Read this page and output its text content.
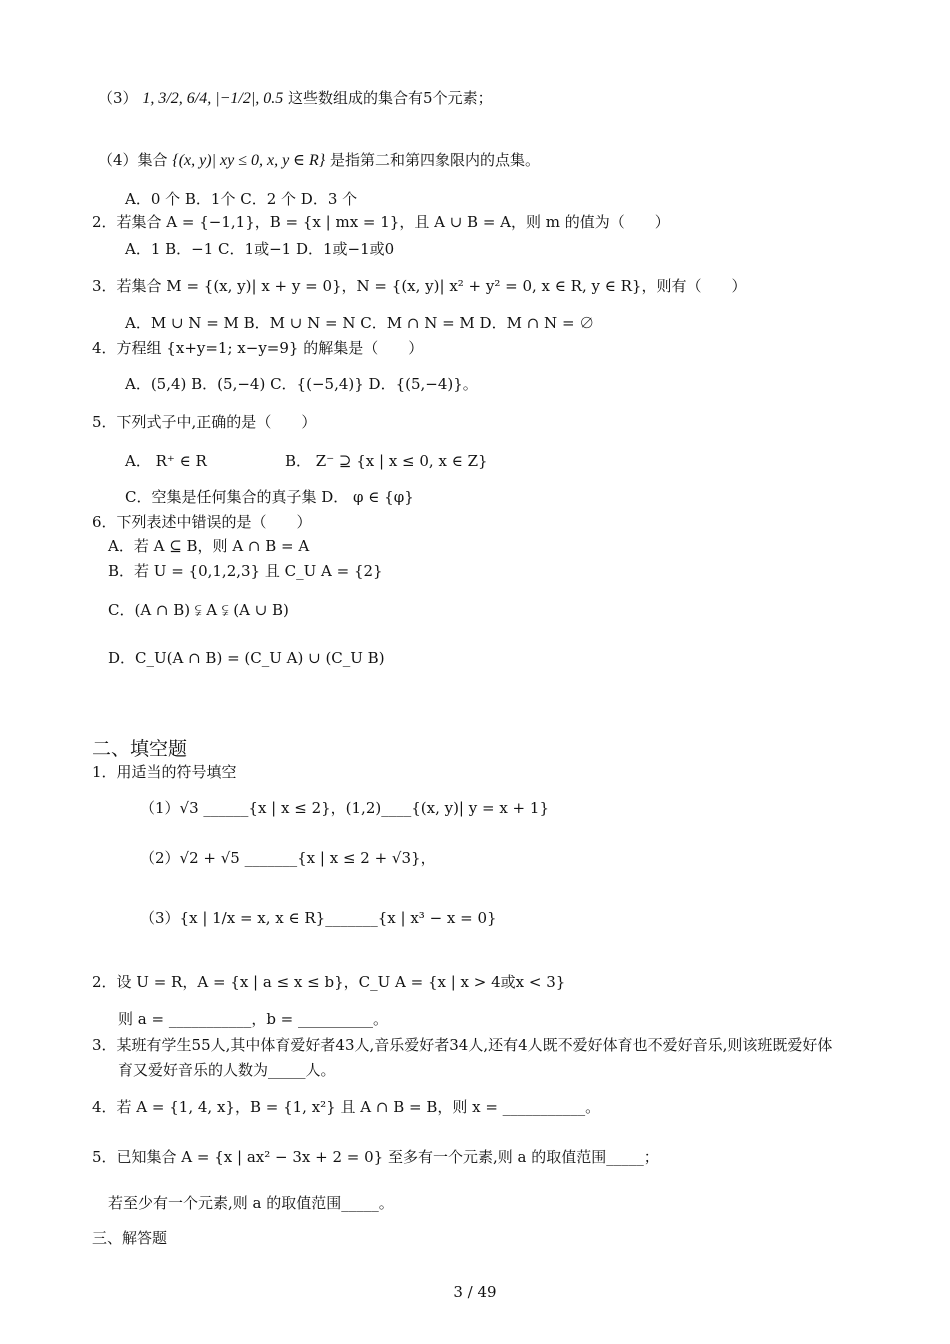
（3） 1, 3/2, 6/4, |−1/2|, 0.5 这些数组成的集合有5个元素；
（4）集合 {(x, y)| xy ≤ 0, x, y ∈ R} 是指第二和第四象限内的点集。
A．0 个 B．1个 C．2 个 D．3 个
2．若集合 A = {−1,1}，B = {x | mx = 1}，且 A ∪ B = A，则 m 的值为（　　）
A．1 B．−1 C．1或−1 D．1或−1或0
3．若集合 M = {(x, y)| x + y = 0}，N = {(x, y)| x² + y² = 0, x ∈ R, y ∈ R}，则有（　　）
A．M ∪ N = M B．M ∪ N = N C．M ∩ N = M D．M ∩ N = ∅
4．方程组 {x+y=1; x−y=9} 的解集是（　　）
A．(5,4) B．(5,−4) C．{(−5,4)} D．{(5,−4)}。
5．下列式子中,正确的是（　　）
A． R⁺ ∈ R	B． Z⁻ ⊇ {x | x ≤ 0, x ∈ Z}
C．空集是任何集合的真子集 D． φ ∈ {φ}
6．下列表述中错误的是（　　）
A．若 A ⊆ B，则 A ∩ B = A
B．若 U = {0,1,2,3} 且 C_U A = {2}
C．(A ∩ B) ⫋ A ⫋ (A ∪ B)
D．C_U(A ∩ B) = (C_U A) ∪ (C_U B)
二、填空题
1．用适当的符号填空
（1）√3 ______{x | x ≤ 2}，(1,2)____{(x, y)| y = x + 1}
（2）√2 + √5 _______{x | x ≤ 2 + √3}，
（3）{x | 1/x = x, x ∈ R}_______{x | x³ − x = 0}
2．设 U = R，A = {x | a ≤ x ≤ b}，C_U A = {x | x > 4或x < 3}
则 a = ___________，b = __________。
3．某班有学生55人,其中体育爱好者43人,音乐爱好者34人,还有4人既不爱好体育也不爱好音乐,则该班既爱好体
育又爱好音乐的人数为_____人。
4．若 A = {1, 4, x}，B = {1, x²} 且 A ∩ B = B，则 x = ___________。
5．已知集合 A = {x | ax² − 3x + 2 = 0} 至多有一个元素,则 a 的取值范围_____；
若至少有一个元素,则 a 的取值范围_____。
三、解答题
3 / 49
